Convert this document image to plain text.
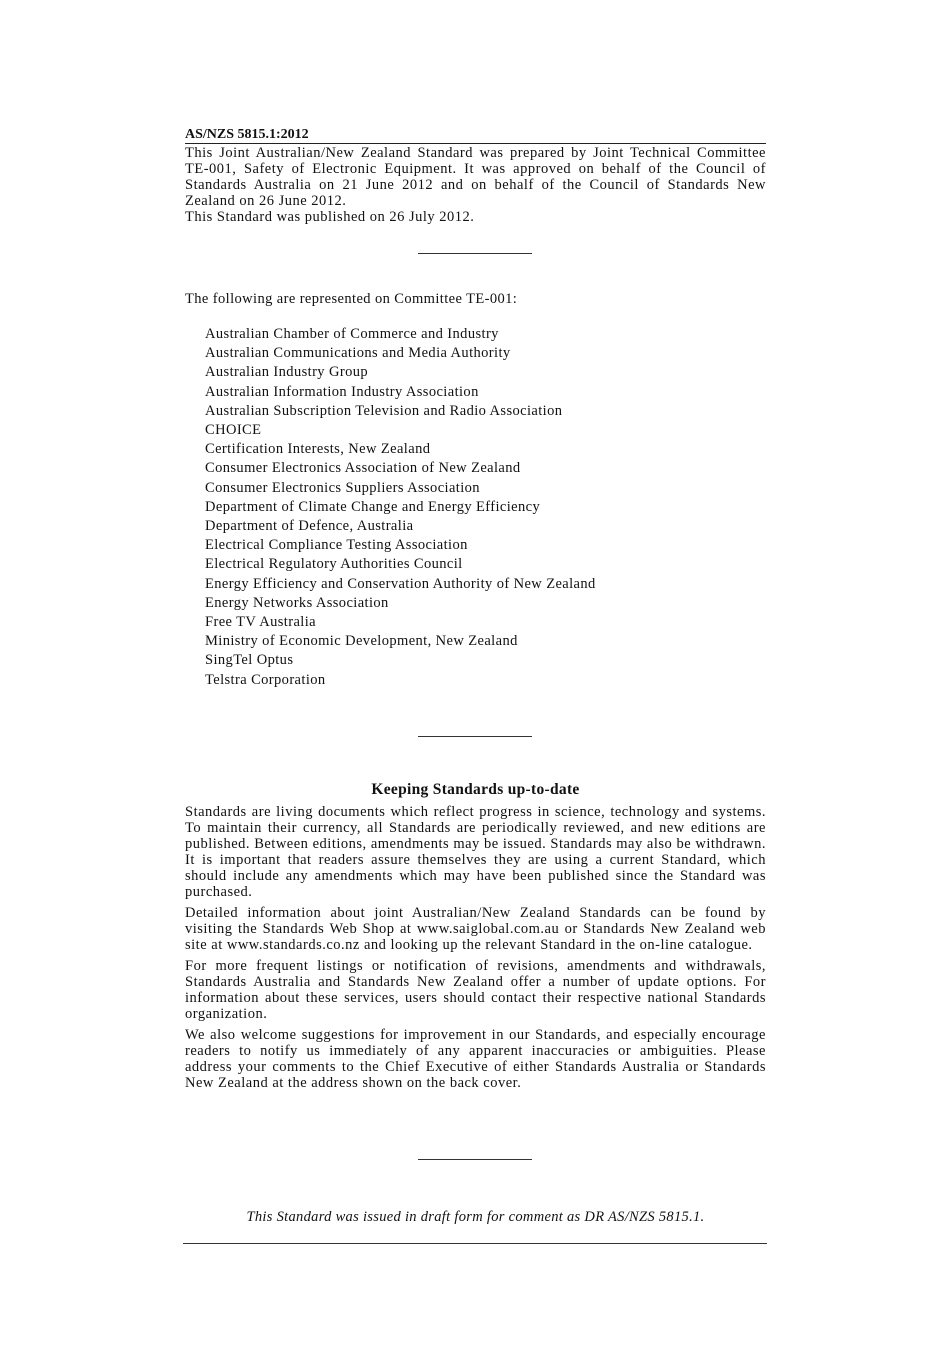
AS/NZS 5815.1:2012

This Joint Australian/New Zealand Standard was prepared by Joint Technical Committee TE-001, Safety of Electronic Equipment. It was approved on behalf of the Council of Standards Australia on 21 June 2012 and on behalf of the Council of Standards New Zealand on 26 June 2012.

This Standard was published on 26 July 2012.

The following are represented on Committee TE-001:
Australian Chamber of Commerce and Industry
Australian Communications and Media Authority
Australian Industry Group
Australian Information Industry Association
Australian Subscription Television and Radio Association
CHOICE
Certification Interests, New Zealand
Consumer Electronics Association of New Zealand
Consumer Electronics Suppliers Association
Department of Climate Change and Energy Efficiency
Department of Defence, Australia
Electrical Compliance Testing Association
Electrical Regulatory Authorities Council
Energy Efficiency and Conservation Authority of New Zealand
Energy Networks Association
Free TV Australia
Ministry of Economic Development, New Zealand
SingTel Optus
Telstra Corporation
Keeping Standards up-to-date

Standards are living documents which reflect progress in science, technology and systems. To maintain their currency, all Standards are periodically reviewed, and new editions are published. Between editions, amendments may be issued. Standards may also be withdrawn. It is important that readers assure themselves they are using a current Standard, which should include any amendments which may have been published since the Standard was purchased.

Detailed information about joint Australian/New Zealand Standards can be found by visiting the Standards Web Shop at www.saiglobal.com.au or Standards New Zealand web site at www.standards.co.nz and looking up the relevant Standard in the on-line catalogue.

For more frequent listings or notification of revisions, amendments and withdrawals, Standards Australia and Standards New Zealand offer a number of update options. For information about these services, users should contact their respective national Standards organization.

We also welcome suggestions for improvement in our Standards, and especially encourage readers to notify us immediately of any apparent inaccuracies or ambiguities. Please address your comments to the Chief Executive of either Standards Australia or Standards New Zealand at the address shown on the back cover.

This Standard was issued in draft form for comment as DR AS/NZS 5815.1.
